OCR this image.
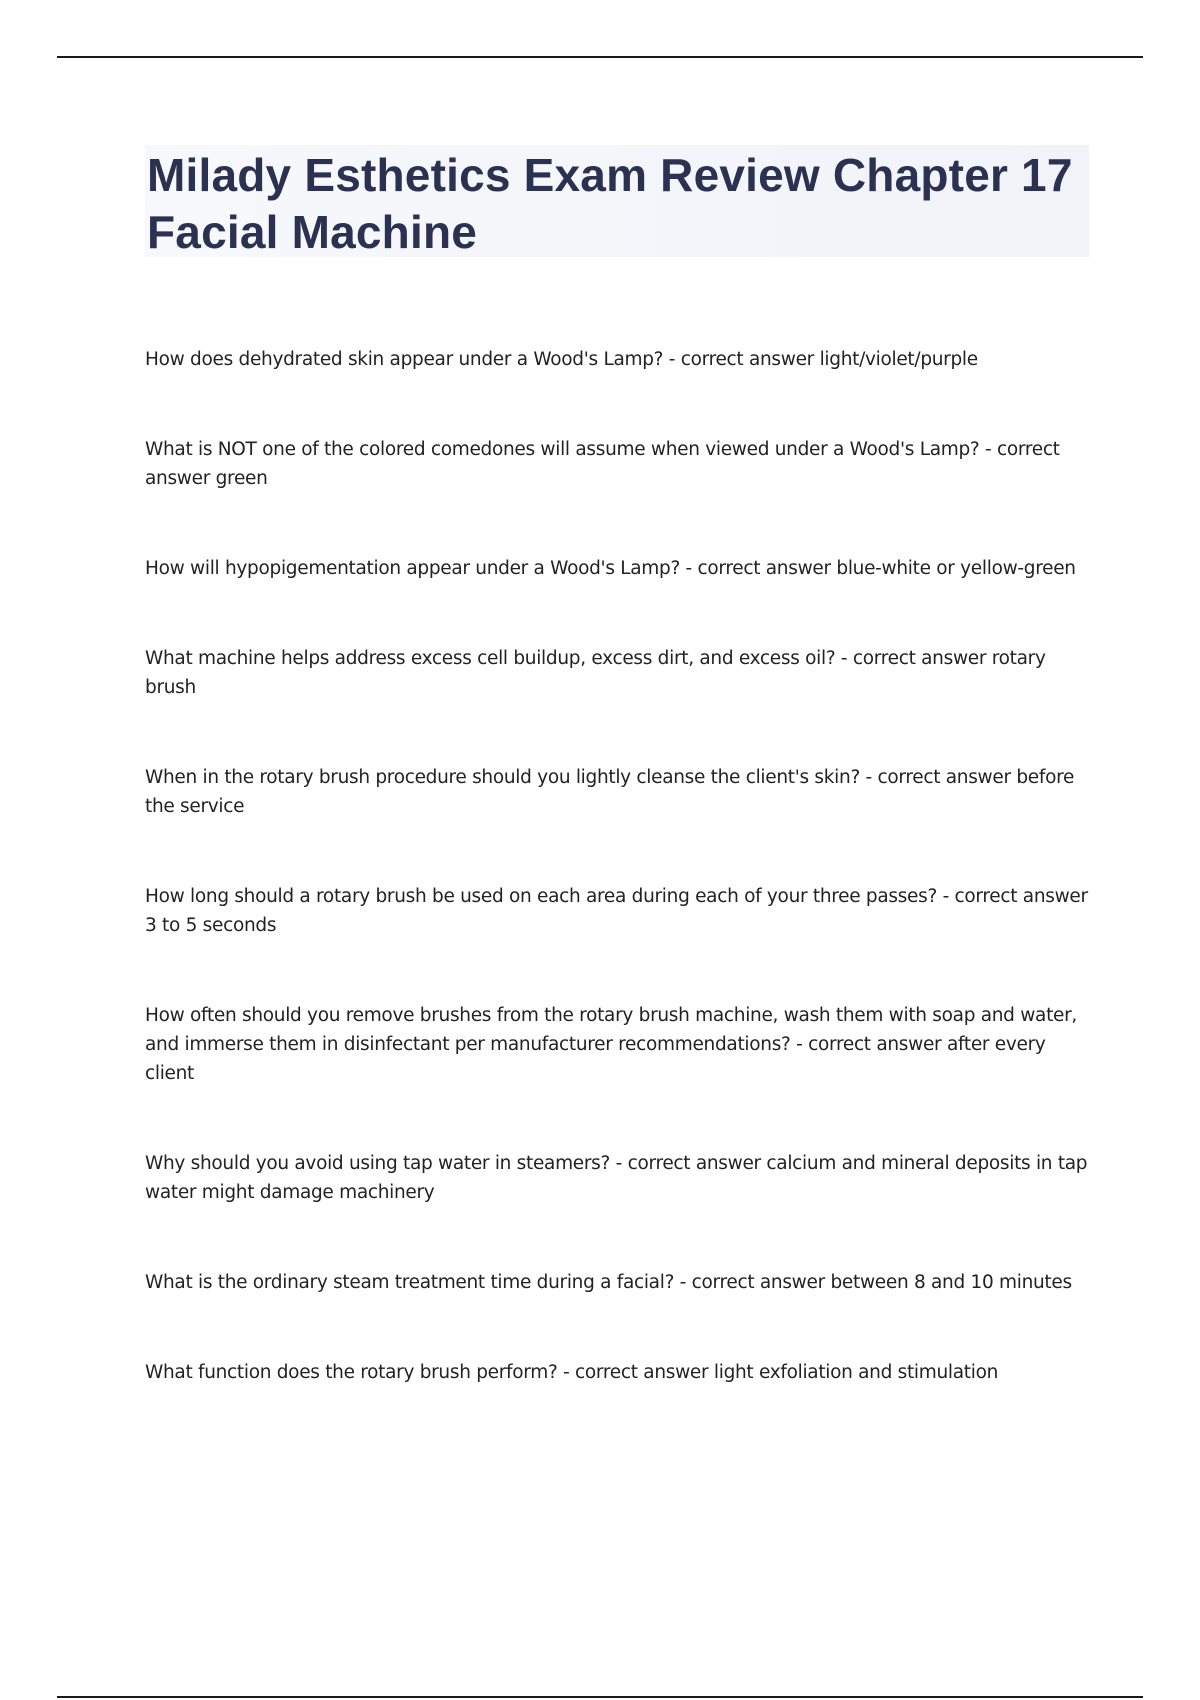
Milady Esthetics Exam Review Chapter 17 Facial Machine
How does dehydrated skin appear under a Wood's Lamp? - correct answer light/violet/purple
What is NOT one of the colored comedones will assume when viewed under a Wood's Lamp? - correct answer green
How will hypopigementation appear under a Wood's Lamp? - correct answer blue-white or yellow-green
What machine helps address excess cell buildup, excess dirt, and excess oil? - correct answer rotary brush
When in the rotary brush procedure should you lightly cleanse the client's skin? - correct answer before the service
How long should a rotary brush be used on each area during each of your three passes? - correct answer 3 to 5 seconds
How often should you remove brushes from the rotary brush machine, wash them with soap and water, and immerse them in disinfectant per manufacturer recommendations? - correct answer after every client
Why should you avoid using tap water in steamers? - correct answer calcium and mineral deposits in tap water might damage machinery
What is the ordinary steam treatment time during a facial? - correct answer between 8 and 10 minutes
What function does the rotary brush perform? - correct answer light exfoliation and stimulation
